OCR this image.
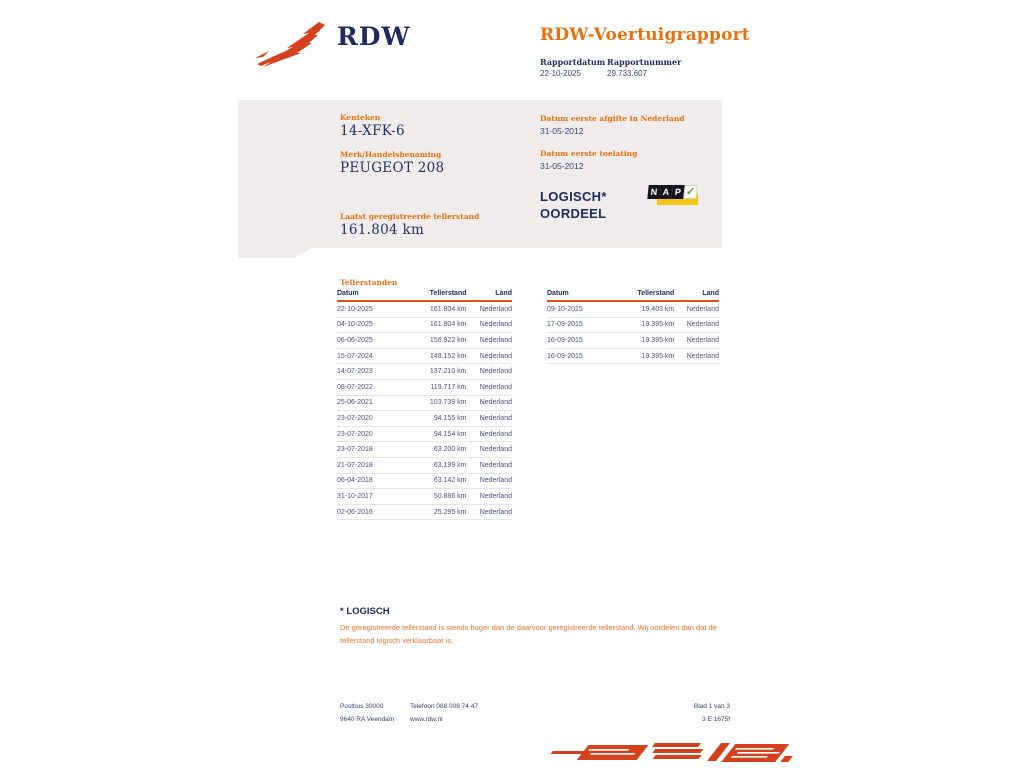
RDW	RDW-Voertuigrapport
Rapportdatum Rapportnummer
22-10-2025	29.733.607
Kenteken
14-XFK-6
Merk/Handelsbenaming
PEUGEOT 208
Laatst geregistreerde tellerstand
161.804 km
Datum eerste afgifte in Nederland
31-05-2012
Datum eerste toelating
31-05-2012
LOGISCH*
OORDEEL
N A P ✓
Tellerstanden
Datum	Tellerstand	Land
22-10-2025	161.804 km	Nederland
04-10-2025	161.804 km	Nederland
06-06-2025	156.922 km	Nederland
15-07-2024	148.152 km	Nederland
14-07-2023	137.210 km	Nederland
08-07-2022	119.717 km	Nederland
25-06-2021	103.739 km	Nederland
23-07-2020	94.155 km	Nederland
23-07-2020	94.154 km	Nederland
23-07-2018	63.200 km	Nederland
21-07-2018	63.199 km	Nederland
06-04-2018	63.142 km	Nederland
31-10-2017	50.886 km	Nederland
02-06-2016	25.295 km	Nederland
Datum	Tellerstand	Land
09-10-2015	19.403 km	Nederland
17-09-2015	19.395 km	Nederland
16-09-2015	19.395 km	Nederland
16-09-2015	19.395 km	Nederland
* LOGISCH
De geregistreerde tellerstand is steeds hoger dan de daarvoor geregistreerde tellerstand. Wij oordelen dan dat de tellerstand logisch verklaarbaar is.
Postbus 30000
9640 RA Veendam
Telefoon 088 008 74 47
www.rdw.nl
Blad 1 van 3
3 E 1675f
